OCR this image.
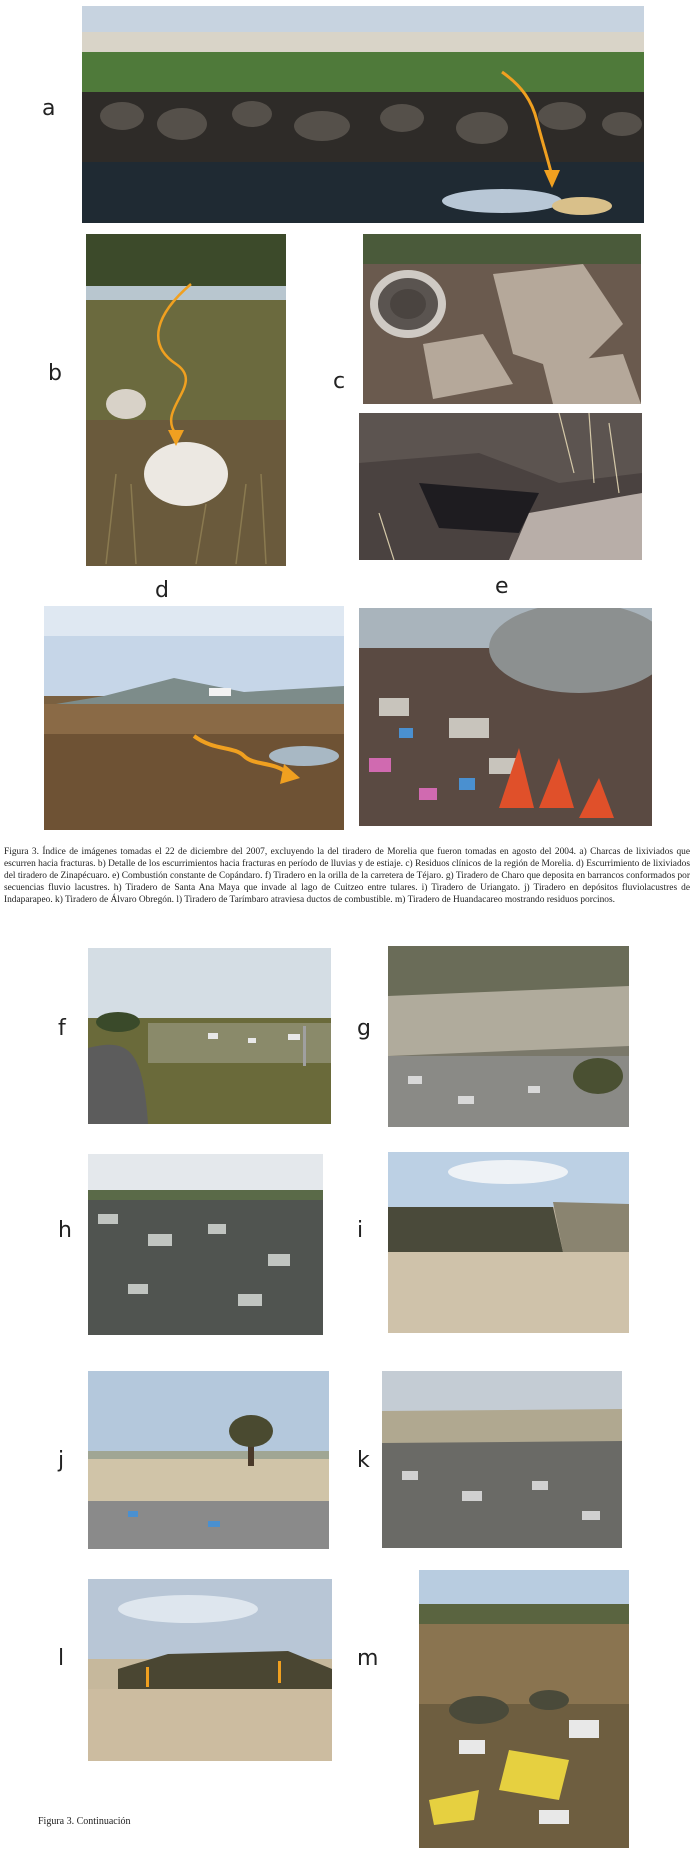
a
b	c
d	e
Figura 3. Índice de imágenes tomadas el 22 de diciembre del 2007, excluyendo la del tiradero de Morelia que fueron tomadas en agosto del 2004. a) Charcas de lixiviados que escurren hacia fracturas. b) Detalle de los escurrimientos hacia fracturas en período de lluvias y de estiaje. c) Residuos clínicos de la región de Morelia. d) Escurrimiento de lixiviados del tiradero de Zinapécuaro. e) Combustión constante de Copándaro. f) Tiradero en la orilla de la carretera de Téjaro. g) Tiradero de Charo que deposita en barrancos conformados por secuencias fluvio lacustres. h) Tiradero de Santa Ana Maya que invade al lago de Cuitzeo entre tulares. i) Tiradero de Uriangato. j) Tiradero en depósitos fluviolacustres de Indaparapeo. k) Tiradero de Álvaro Obregón. l) Tiradero de Tarímbaro atraviesa ductos de combustible. m) Tiradero de Huandacareo mostrando residuos porcinos.
f	g
h	i
j	k
l	m
Figura 3. Continuación
